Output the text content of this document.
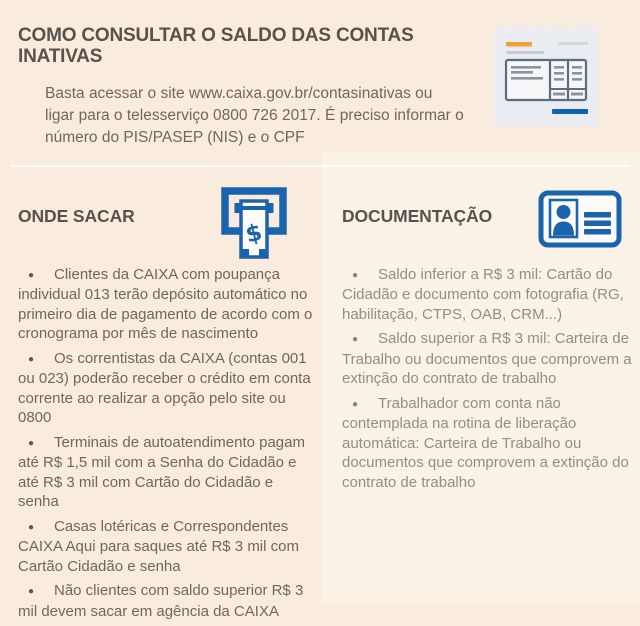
COMO CONSULTAR O SALDO DAS CONTAS INATIVAS

Basta acessar o site www.caixa.gov.br/contasinativas ou ligar para o telesserviço 0800 726 2017. É preciso informar o número do PIS/PASEP (NIS) e o CPF

ONDE SACAR
$

● Clientes da CAIXA com poupança individual 013 terão depósito automático no primeiro dia de pagamento de acordo com o cronograma por mês de nascimento

● Os correntistas da CAIXA (contas 001 ou 023) poderão receber o crédito em conta corrente ao realizar a opção pelo site ou 0800

● Terminais de autoatendimento pagam até R$ 1,5 mil com a Senha do Cidadão e até R$ 3 mil com Cartão do Cidadão e senha

● Casas lotéricas e Correspondentes CAIXA Aqui para saques até R$ 3 mil com Cartão Cidadão e senha

● Não clientes com saldo superior R$ 3 mil devem sacar em agência da CAIXA

DOCUMENTAÇÃO

● Saldo inferior a R$ 3 mil: Cartão do Cidadão e documento com fotografia (RG, habilitação, CTPS, OAB, CRM...)

● Saldo superior a R$ 3 mil: Carteira de Trabalho ou documentos que comprovem a extinção do contrato de trabalho

● Trabalhador com conta não contemplada na rotina de liberação automática: Carteira de Trabalho ou documentos que comprovem a extinção do contrato de trabalho
